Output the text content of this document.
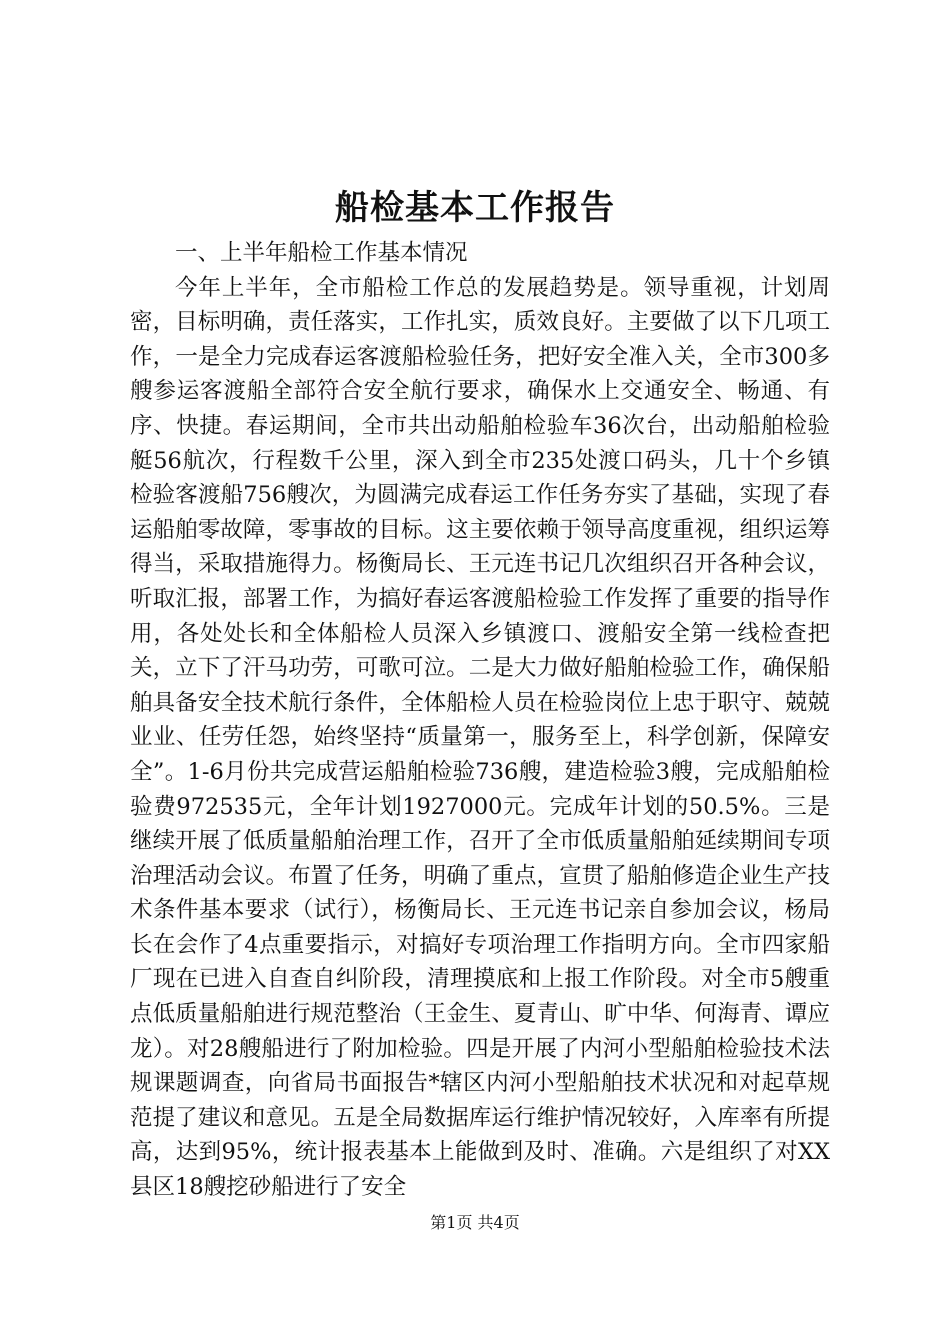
船检基本工作报告

一、上半年船检工作基本情况

今年上半年，全市船检工作总的发展趋势是。领导重视，计划周密，目标明确，责任落实，工作扎实，质效良好。主要做了以下几项工作，一是全力完成春运客渡船检验任务，把好安全准入关，全市300多艘参运客渡船全部符合安全航行要求，确保水上交通安全、畅通、有序、快捷。春运期间，全市共出动船舶检验车36次台，出动船舶检验艇56航次，行程数千公里，深入到全市235处渡口码头，几十个乡镇检验客渡船756艘次，为圆满完成春运工作任务夯实了基础，实现了春运船舶零故障，零事故的目标。这主要依赖于领导高度重视，组织运筹得当，采取措施得力。杨衡局长、王元连书记几次组织召开各种会议，听取汇报，部署工作，为搞好春运客渡船检验工作发挥了重要的指导作用，各处处长和全体船检人员深入乡镇渡口、渡船安全第一线检查把关，立下了汗马功劳，可歌可泣。二是大力做好船舶检验工作，确保船舶具备安全技术航行条件，全体船检人员在检验岗位上忠于职守、兢兢业业、任劳任怨，始终坚持“质量第一，服务至上，科学创新，保障安全”。1-6月份共完成营运船舶检验736艘，建造检验3艘，完成船舶检验费972535元，全年计划1927000元。完成年计划的50.5%。三是继续开展了低质量船舶治理工作，召开了全市低质量船舶延续期间专项治理活动会议。布置了任务，明确了重点，宣贯了船舶修造企业生产技术条件基本要求（试行），杨衡局长、王元连书记亲自参加会议，杨局长在会作了4点重要指示，对搞好专项治理工作指明方向。全市四家船厂现在已进入自查自纠阶段，清理摸底和上报工作阶段。对全市5艘重点低质量船舶进行规范整治（王金生、夏青山、旷中华、何海青、谭应龙）。对28艘船进行了附加检验。四是开展了内河小型船舶检验技术法规课题调查，向省局书面报告*辖区内河小型船舶技术状况和对起草规范提了建议和意见。五是全局数据库运行维护情况较好，入库率有所提高，达到95%，统计报表基本上能做到及时、准确。六是组织了对XX县区18艘挖砂船进行了安全

第1页 共4页
